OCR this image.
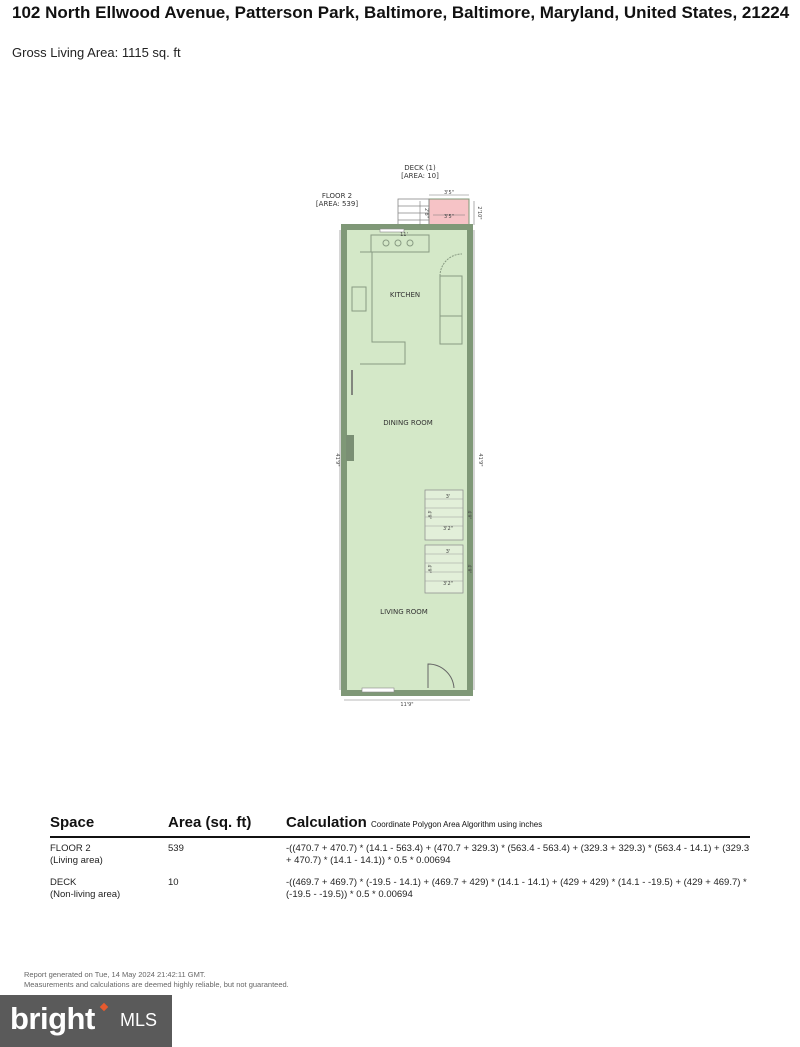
102 North Ellwood Avenue, Patterson Park, Baltimore, Baltimore, Maryland, United States, 21224
Gross Living Area: 1115 sq. ft
DECK (1)
[AREA: 10]
FLOOR 2
[AREA: 539]
KITCHEN
DINING ROOM
LIVING ROOM
3'5"
3'5"
2'8"	2'10"
11'
11'9"
41'9"	41'9"
3'
3'2"
3'
3'2"
4'9"	4'9"
4'9"	4'9"
Space	Area (sq. ft)	Calculation Coordinate Polygon Area Algorithm using inches
FLOOR 2
(Living area)
539	-((470.7 + 470.7) * (14.1 - 563.4) + (470.7 + 329.3) * (563.4 - 563.4) + (329.3 + 329.3) * (563.4 - 14.1) + (329.3 + 470.7) * (14.1 - 14.1)) * 0.5 * 0.00694
DECK
(Non-living area)
10	-((469.7 + 469.7) * (-19.5 - 14.1) + (469.7 + 429) * (14.1 - 14.1) + (429 + 429) * (14.1 - -19.5) + (429 + 469.7) * (-19.5 - -19.5)) * 0.5 * 0.00694
Report generated on Tue, 14 May 2024 21:42:11 GMT.
Measurements and calculations are deemed highly reliable, but not guaranteed.
bright MLS
